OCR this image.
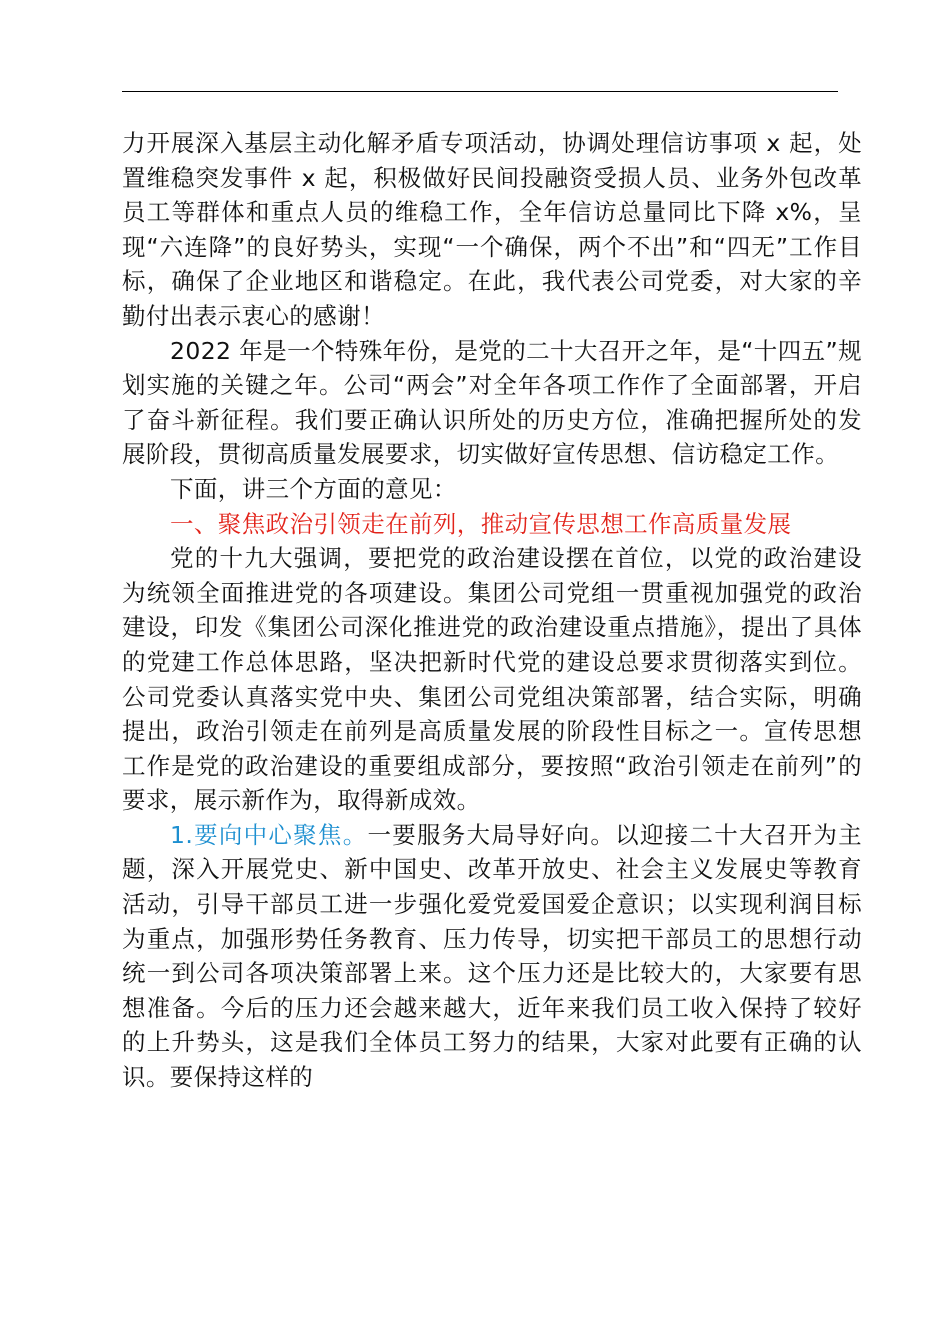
力开展深入基层主动化解矛盾专项活动，协调处理信访事项 x 起，处置维稳突发事件 x 起，积极做好民间投融资受损人员、业务外包改革员工等群体和重点人员的维稳工作，全年信访总量同比下降 x%，呈现“六连降”的良好势头，实现“一个确保，两个不出”和“四无”工作目标，确保了企业地区和谐稳定。在此，我代表公司党委，对大家的辛勤付出表示衷心的感谢！

2022 年是一个特殊年份，是党的二十大召开之年，是“十四五”规划实施的关键之年。公司“两会”对全年各项工作作了全面部署，开启了奋斗新征程。我们要正确认识所处的历史方位，准确把握所处的发展阶段，贯彻高质量发展要求，切实做好宣传思想、信访稳定工作。

下面，讲三个方面的意见：

一、聚焦政治引领走在前列，推动宣传思想工作高质量发展

党的十九大强调，要把党的政治建设摆在首位，以党的政治建设为统领全面推进党的各项建设。集团公司党组一贯重视加强党的政治建设，印发《集团公司深化推进党的政治建设重点措施》，提出了具体的党建工作总体思路，坚决把新时代党的建设总要求贯彻落实到位。公司党委认真落实党中央、集团公司党组决策部署，结合实际，明确提出，政治引领走在前列是高质量发展的阶段性目标之一。宣传思想工作是党的政治建设的重要组成部分，要按照“政治引领走在前列”的要求，展示新作为，取得新成效。

1.要向中心聚焦。一要服务大局导好向。以迎接二十大召开为主题，深入开展党史、新中国史、改革开放史、社会主义发展史等教育活动，引导干部员工进一步强化爱党爱国爱企意识；以实现利润目标为重点，加强形势任务教育、压力传导，切实把干部员工的思想行动统一到公司各项决策部署上来。这个压力还是比较大的，大家要有思想准备。今后的压力还会越来越大，近年来我们员工收入保持了较好的上升势头，这是我们全体员工努力的结果，大家对此要有正确的认识。要保持这样的
